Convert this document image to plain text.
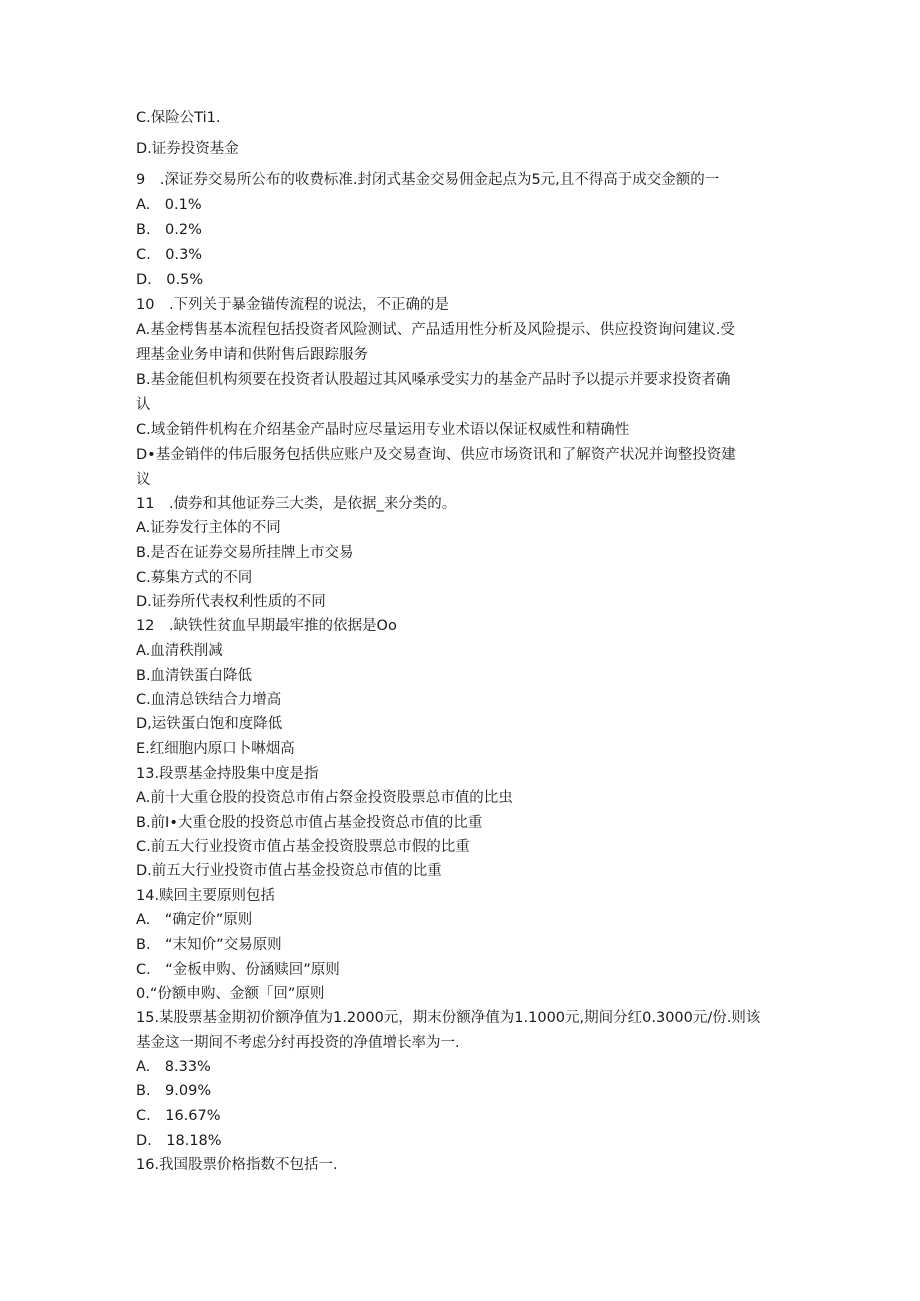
C.保险公Ti1.
D.证券投资基金
9　.深证券交易所公布的收费标准.封闭式基金交易佣金起点为5元,且不得高于成交金额的一
A.　0.1%
B.　0.2%
C.　0.3%
D.　0.5%
10　.下列关于暴金锚传流程的说法，不正确的是
A.基金樗售基本流程包括投资者风险测试、产品适用性分析及风险提示、供应投资询问建议.受
理基金业务申请和供附售后跟踪服务
B.基金能但机构须要在投资者认股超过其风嗓承受实力的基金产品时予以提示并要求投资者确
认
C.域金销件机构在介绍基金产晶时应尽量运用专业术语以保证权威性和精确性
D•基金销伴的伟后服务包括供应账户及交易查询、供应市场资讯和了解资产状况并询整投资建
议
11　.债券和其他证券三大类，是依据_来分类的。
A.证券发行主体的不同
B.是否在证券交易所挂牌上市交易
C.募集方式的不同
D.证券所代表权利性质的不同
12　.缺铁性贫血早期最牢推的依据是Oo
A.血清秩削减
B.血清铁蛋白降低
C.血清总铁结合力增高
D,运铁蛋白饱和度降低
E.红细胞内原口卜啉烟高
13.段票基金持股集中度是指
A.前十大重仓股的投资总市侑占祭金投资股票总市值的比虫
B.前I•大重仓股的投资总市值占基金投资总市值的比重
C.前五大行业投资市值占基金投资股票总市假的比重
D.前五大行业投资市值占基金投资总市值的比重
14.赎回主要原则包括
A.　“确定价”原则
B.　“末知价”交易原则
C.　“金板申购、份涵赎回”原则
0.“份额申购、金额「回”原则
15.某股票基金期初价额净值为1.2000元，期末份额净值为1.1000元,期间分红0.3000元/份.则该
基金这一期间不考虑分纣再投资的净值增长率为一.
A.　8.33%
B.　9.09%
C.　16.67%
D.　18.18%
16.我国股票价格指数不包括一.
